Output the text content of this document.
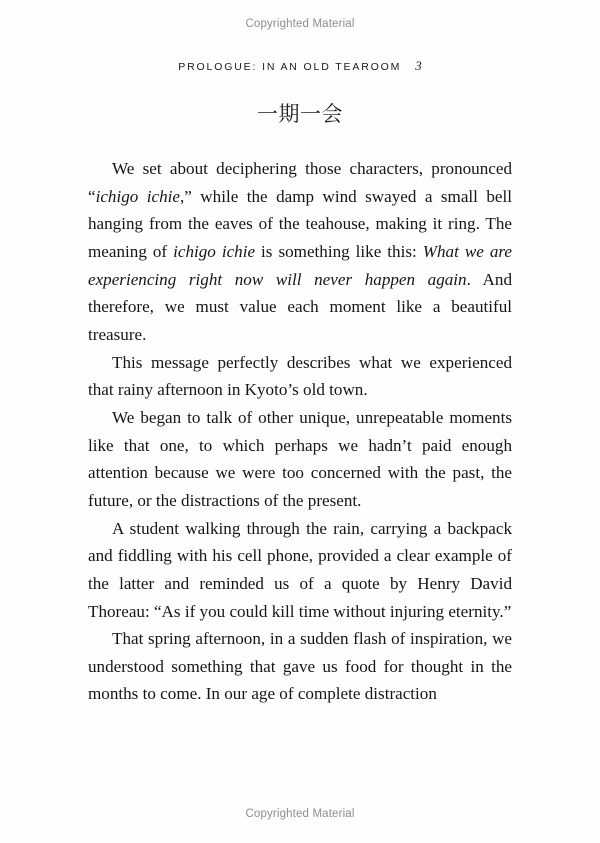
Copyrighted Material
PROLOGUE: IN AN OLD TEAROOM 3
一期一会

We set about deciphering those characters, pronounced “ichigo ichie,” while the damp wind swayed a small bell hanging from the eaves of the teahouse, making it ring. The meaning of ichigo ichie is something like this: What we are experiencing right now will never happen again. And therefore, we must value each moment like a beautiful treasure.

This message perfectly describes what we experienced that rainy afternoon in Kyoto’s old town.

We began to talk of other unique, unrepeatable moments like that one, to which perhaps we hadn’t paid enough attention because we were too concerned with the past, the future, or the distractions of the present.

A student walking through the rain, carrying a backpack and fiddling with his cell phone, provided a clear example of the latter and reminded us of a quote by Henry David Thoreau: “As if you could kill time without injuring eternity.”

That spring afternoon, in a sudden flash of inspiration, we understood something that gave us food for thought in the months to come. In our age of complete distraction

Copyrighted Material
